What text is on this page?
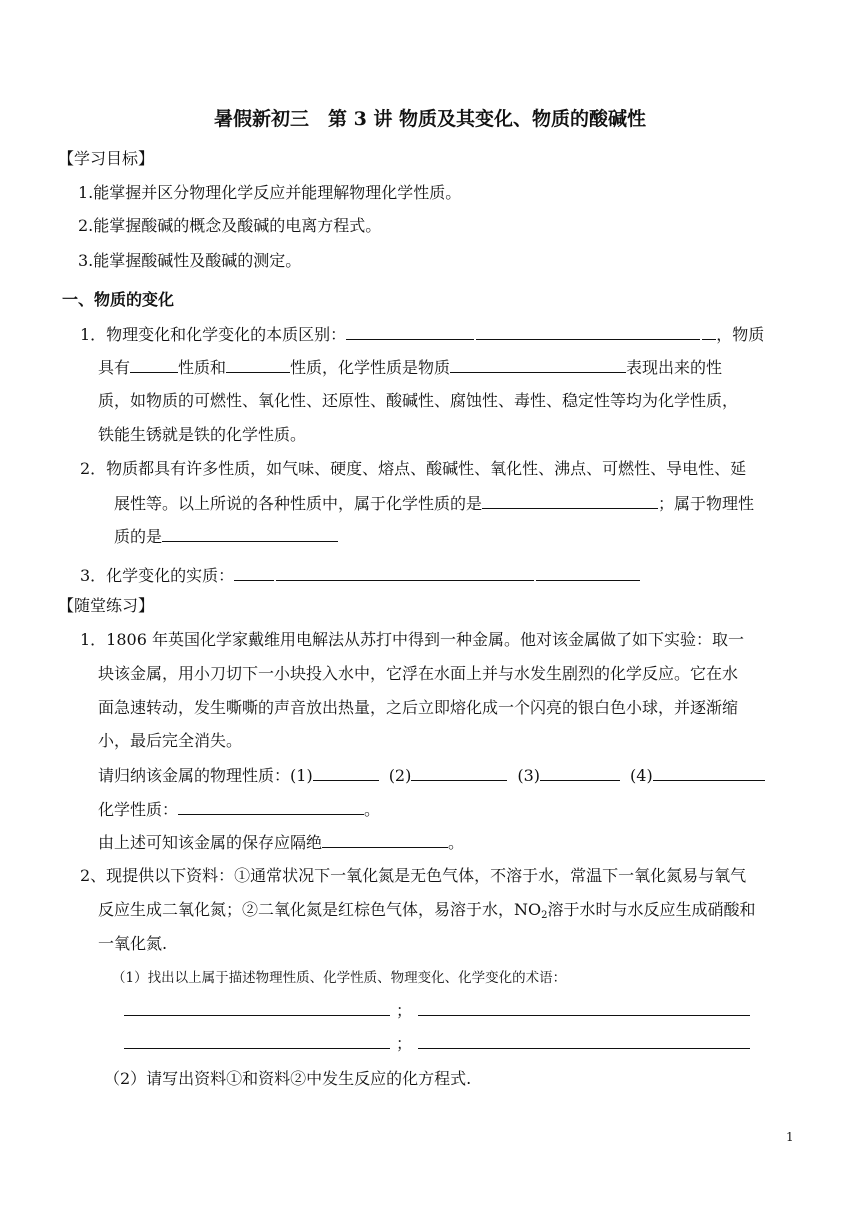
暑假新初三　第 3 讲 物质及其变化、物质的酸碱性
【学习目标】
1.能掌握并区分物理化学反应并能理解物理化学性质。
2.能掌握酸碱的概念及酸碱的电离方程式。
3.能掌握酸碱性及酸碱的测定。
一、物质的变化
1．物理变化和化学变化的本质区别：	，物质
具有	性质和	性质，化学性质是物质	表现出来的性
质，如物质的可燃性、氧化性、还原性、酸碱性、腐蚀性、毒性、稳定性等均为化学性质，
铁能生锈就是铁的化学性质。
2．物质都具有许多性质，如气味、硬度、熔点、酸碱性、氧化性、沸点、可燃性、导电性、延
展性等。以上所说的各种性质中，属于化学性质的是	；属于物理性
质的是
3．化学变化的实质：
【随堂练习】
1．1806 年英国化学家戴维用电解法从苏打中得到一种金属。他对该金属做了如下实验：取一
块该金属，用小刀切下一小块投入水中，它浮在水面上并与水发生剧烈的化学反应。它在水
面急速转动，发生嘶嘶的声音放出热量，之后立即熔化成一个闪亮的银白色小球，并逐渐缩
小，最后完全消失。
请归纳该金属的物理性质：(1)	(2)	(3)	(4)
化学性质：	。
由上述可知该金属的保存应隔绝	。
2、现提供以下资料：①通常状况下一氧化氮是无色气体，不溶于水，常温下一氧化氮易与氧气
反应生成二氧化氮；②二氧化氮是红棕色气体，易溶于水，$NO_2$溶于水时与水反应生成硝酸和
一氧化氮.
（1）找出以上属于描述物理性质、化学性质、物理变化、化学变化的术语：
；
；
（2）请写出资料①和资料②中发生反应的化方程式.
1
